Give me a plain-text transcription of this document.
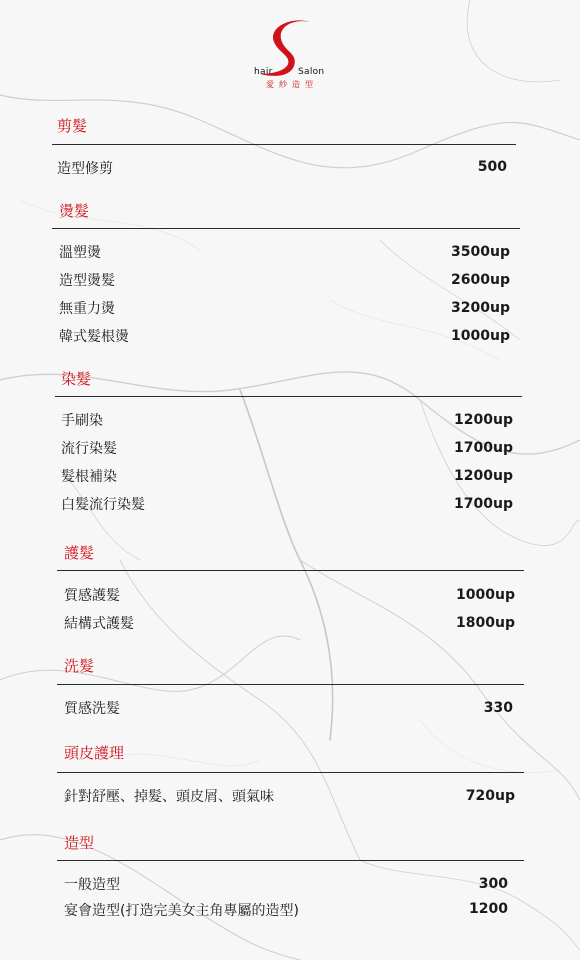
hair	Salon
愛紗造型
剪髮
造型修剪	500
燙髮
溫塑燙	3500up
造型燙髮	2600up
無重力燙	3200up
韓式髮根燙	1000up
染髮
手刷染	1200up
流行染髮	1700up
髮根補染	1200up
白髮流行染髮	1700up
護髮
質感護髮	1000up
結構式護髮	1800up
洗髮
質感洗髮	330
頭皮護理
針對舒壓、掉髮、頭皮屑、頭氣味	720up
造型
一般造型	300
宴會造型(打造完美女主角專屬的造型)	1200
